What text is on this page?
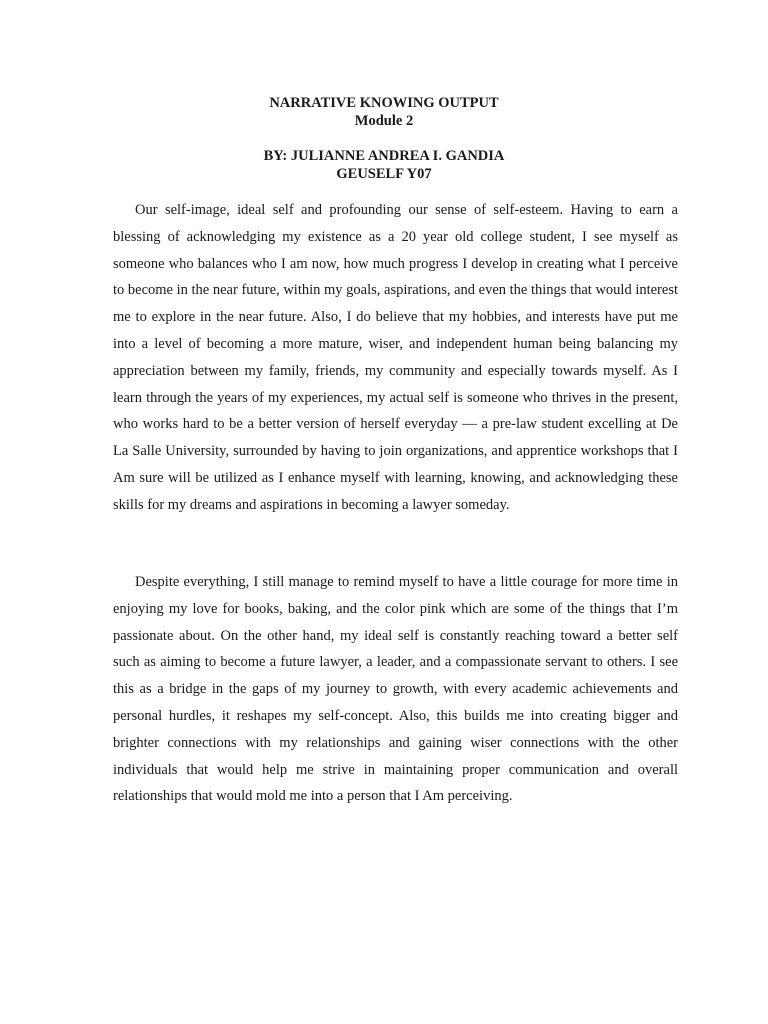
NARRATIVE KNOWING OUTPUT
Module 2
BY: JULIANNE ANDREA I. GANDIA
GEUSELF Y07

Our self-image, ideal self and profounding our sense of self-esteem. Having to earn a blessing of acknowledging my existence as a 20 year old college student, I see myself as someone who balances who I am now, how much progress I develop in creating what I perceive to become in the near future, within my goals, aspirations, and even the things that would interest me to explore in the near future. Also, I do believe that my hobbies, and interests have put me into a level of becoming a more mature, wiser, and independent human being balancing my appreciation between my family, friends, my community and especially towards myself. As I learn through the years of my experiences, my actual self is someone who thrives in the present, who works hard to be a better version of herself everyday — a pre-law student excelling at De La Salle University, surrounded by having to join organizations, and apprentice workshops that I Am sure will be utilized as I enhance myself with learning, knowing, and acknowledging these skills for my dreams and aspirations in becoming a lawyer someday.

Despite everything, I still manage to remind myself to have a little courage for more time in enjoying my love for books, baking, and the color pink which are some of the things that I’m passionate about. On the other hand, my ideal self is constantly reaching toward a better self such as aiming to become a future lawyer, a leader, and a compassionate servant to others. I see this as a bridge in the gaps of my journey to growth, with every academic achievements and personal hurdles, it reshapes my self-concept. Also, this builds me into creating bigger and brighter connections with my relationships and gaining wiser connections with the other individuals that would help me strive in maintaining proper communication and overall relationships that would mold me into a person that I Am perceiving.
